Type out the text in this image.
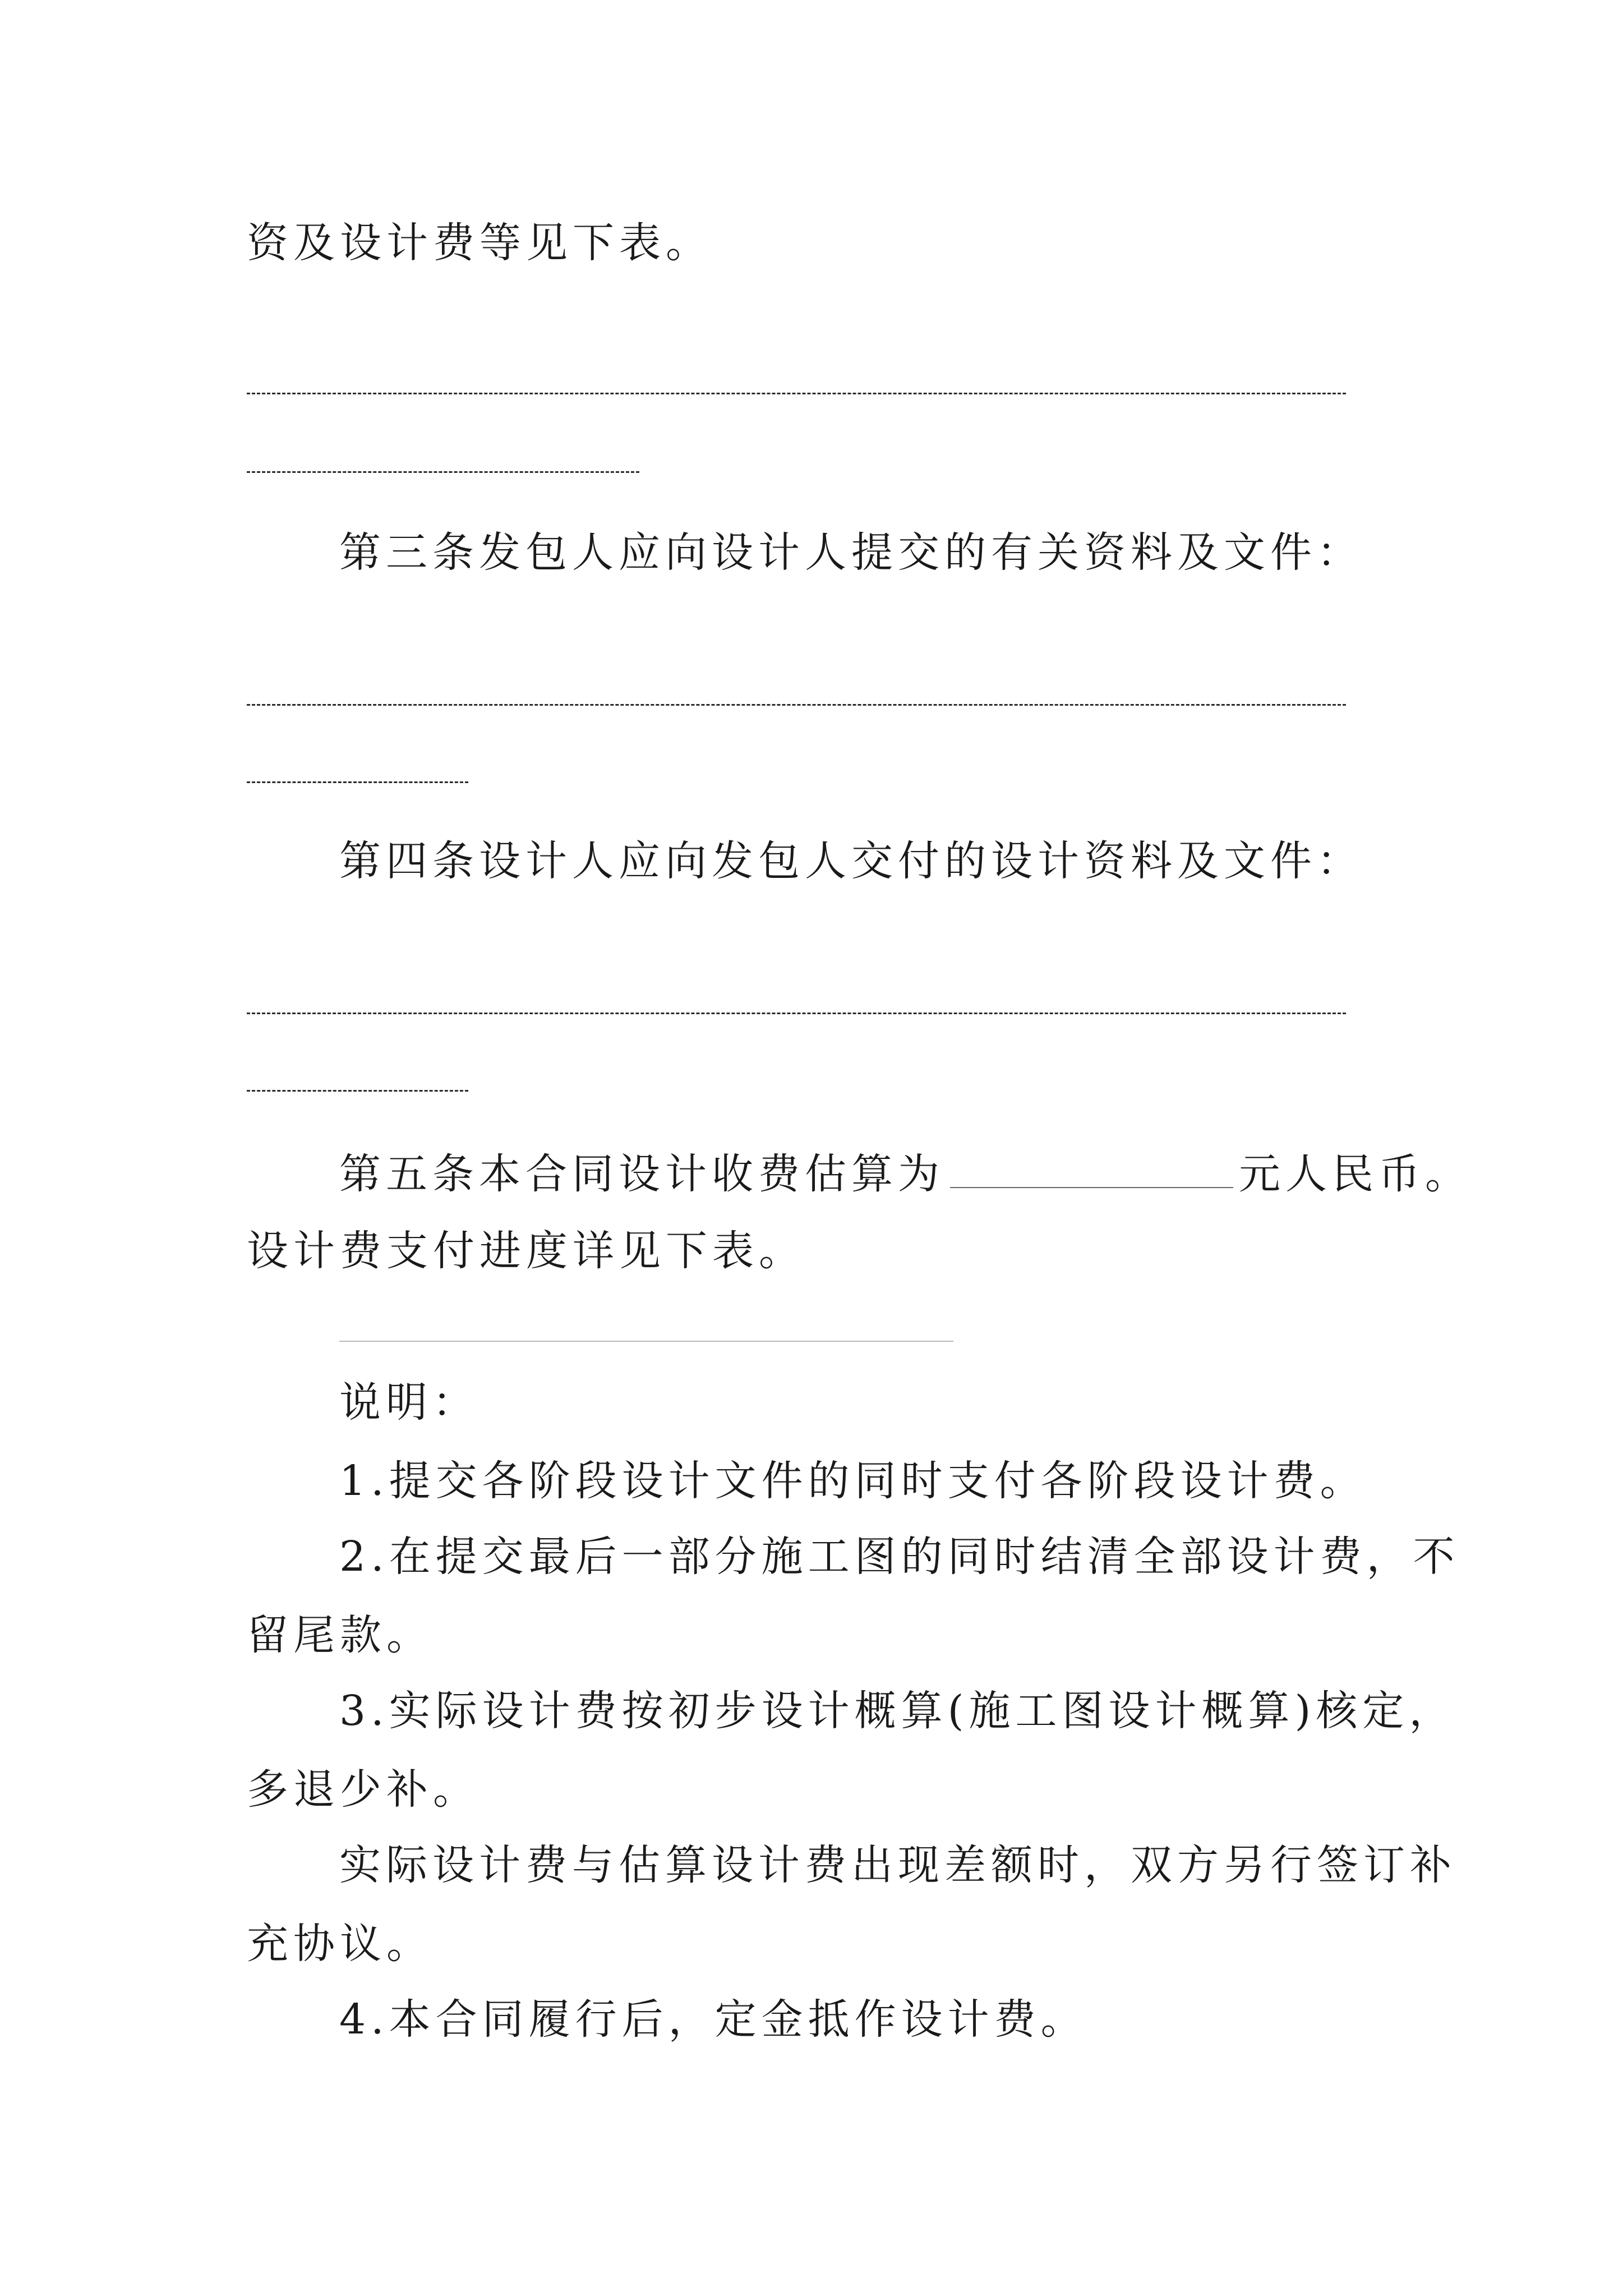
资及设计费等见下表。
第三条发包人应向设计人提交的有关资料及文件：
第四条设计人应向发包人交付的设计资料及文件：
第五条本合同设计收费估算为	元人民币。
设计费支付进度详见下表。
说明：
1.提交各阶段设计文件的同时支付各阶段设计费。
2.在提交最后一部分施工图的同时结清全部设计费，不
留尾款。
3.实际设计费按初步设计概算(施工图设计概算)核定，
多退少补。
实际设计费与估算设计费出现差额时，双方另行签订补
充协议。
4.本合同履行后，定金抵作设计费。
